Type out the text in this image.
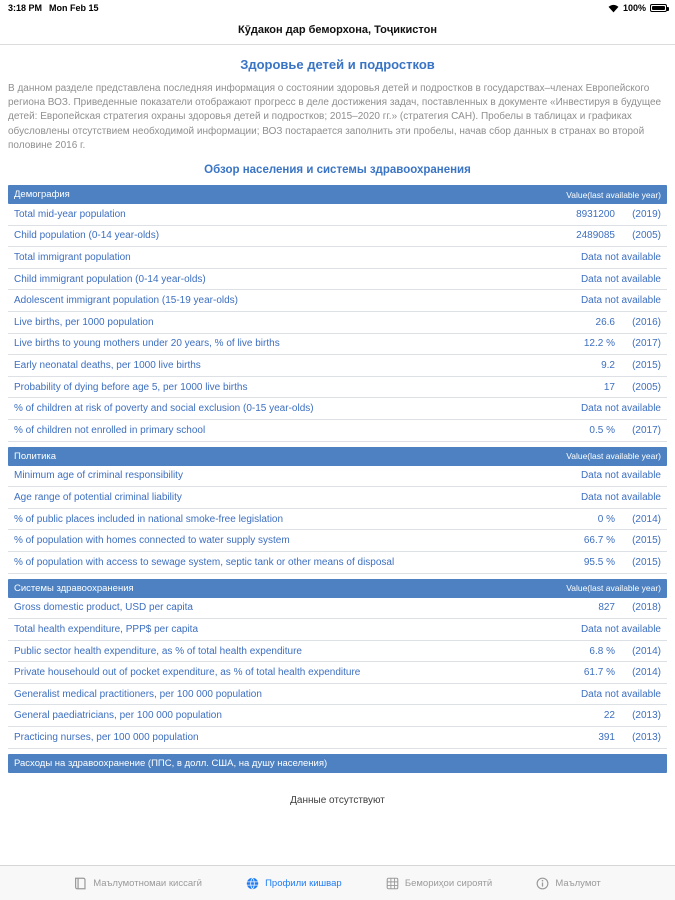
3:18 PM Mon Feb 15	100%
Кӯдакон дар беморхона, Тоҷикистон
Здоровье детей и подростков
В данном разделе представлена последняя информация о состоянии здоровья детей и подростков в государствах–членах Европейского региона ВОЗ. Приведенные показатели отображают прогресс в деле достижения задач, поставленных в документе «Инвестируя в будущее детей: Европейская стратегия охраны здоровья детей и подростков; 2015–2020 гг.» (стратегия САН). Пробелы в таблицах и графиках обусловлены отсутствием необходимой информации; ВОЗ постарается заполнить эти пробелы, начав сбор данных в странах во второй половине 2016 г.
Обзор населения и системы здравоохранения
Демография	Value(last available year)
Total mid-year population	8931200	(2019)
Child population (0-14 year-olds)	2489085	(2005)
Total immigrant population	Data not available
Child immigrant population (0-14 year-olds)	Data not available
Adolescent immigrant population (15-19 year-olds)	Data not available
Live births, per 1000 population	26.6	(2016)
Live births to young mothers under 20 years, % of live births	12.2 %	(2017)
Early neonatal deaths, per 1000 live births	9.2	(2015)
Probability of dying before age 5, per 1000 live births	17	(2005)
% of children at risk of poverty and social exclusion (0-15 year-olds)	Data not available
% of children not enrolled in primary school	0.5 %	(2017)
Политика	Value(last available year)
Minimum age of criminal responsibility	Data not available
Age range of potential criminal liability	Data not available
% of public places included in national smoke-free legislation	0 %	(2014)
% of population with homes connected to water supply system	66.7 %	(2015)
% of population with access to sewage system, septic tank or other means of disposal	95.5 %	(2015)
Системы здравоохранения	Value(last available year)
Gross domestic product, USD per capita	827	(2018)
Total health expenditure, PPP$ per capita	Data not available
Public sector health expenditure, as % of total health expenditure	6.8 %	(2014)
Private househould out of pocket expenditure, as % of total health expenditure	61.7 %	(2014)
Generalist medical practitioners, per 100 000 population	Data not available
General paediatricians, per 100 000 population	22	(2013)
Practicing nurses, per 100 000 population	391	(2013)
Расходы на здравоохранение (ППС, в долл. США, на душу населения)
Данные отсутствуют
Маълумотномаи киссагӣ	Профили кишвар	Бемориҳои сироятӣ	Маълумот
